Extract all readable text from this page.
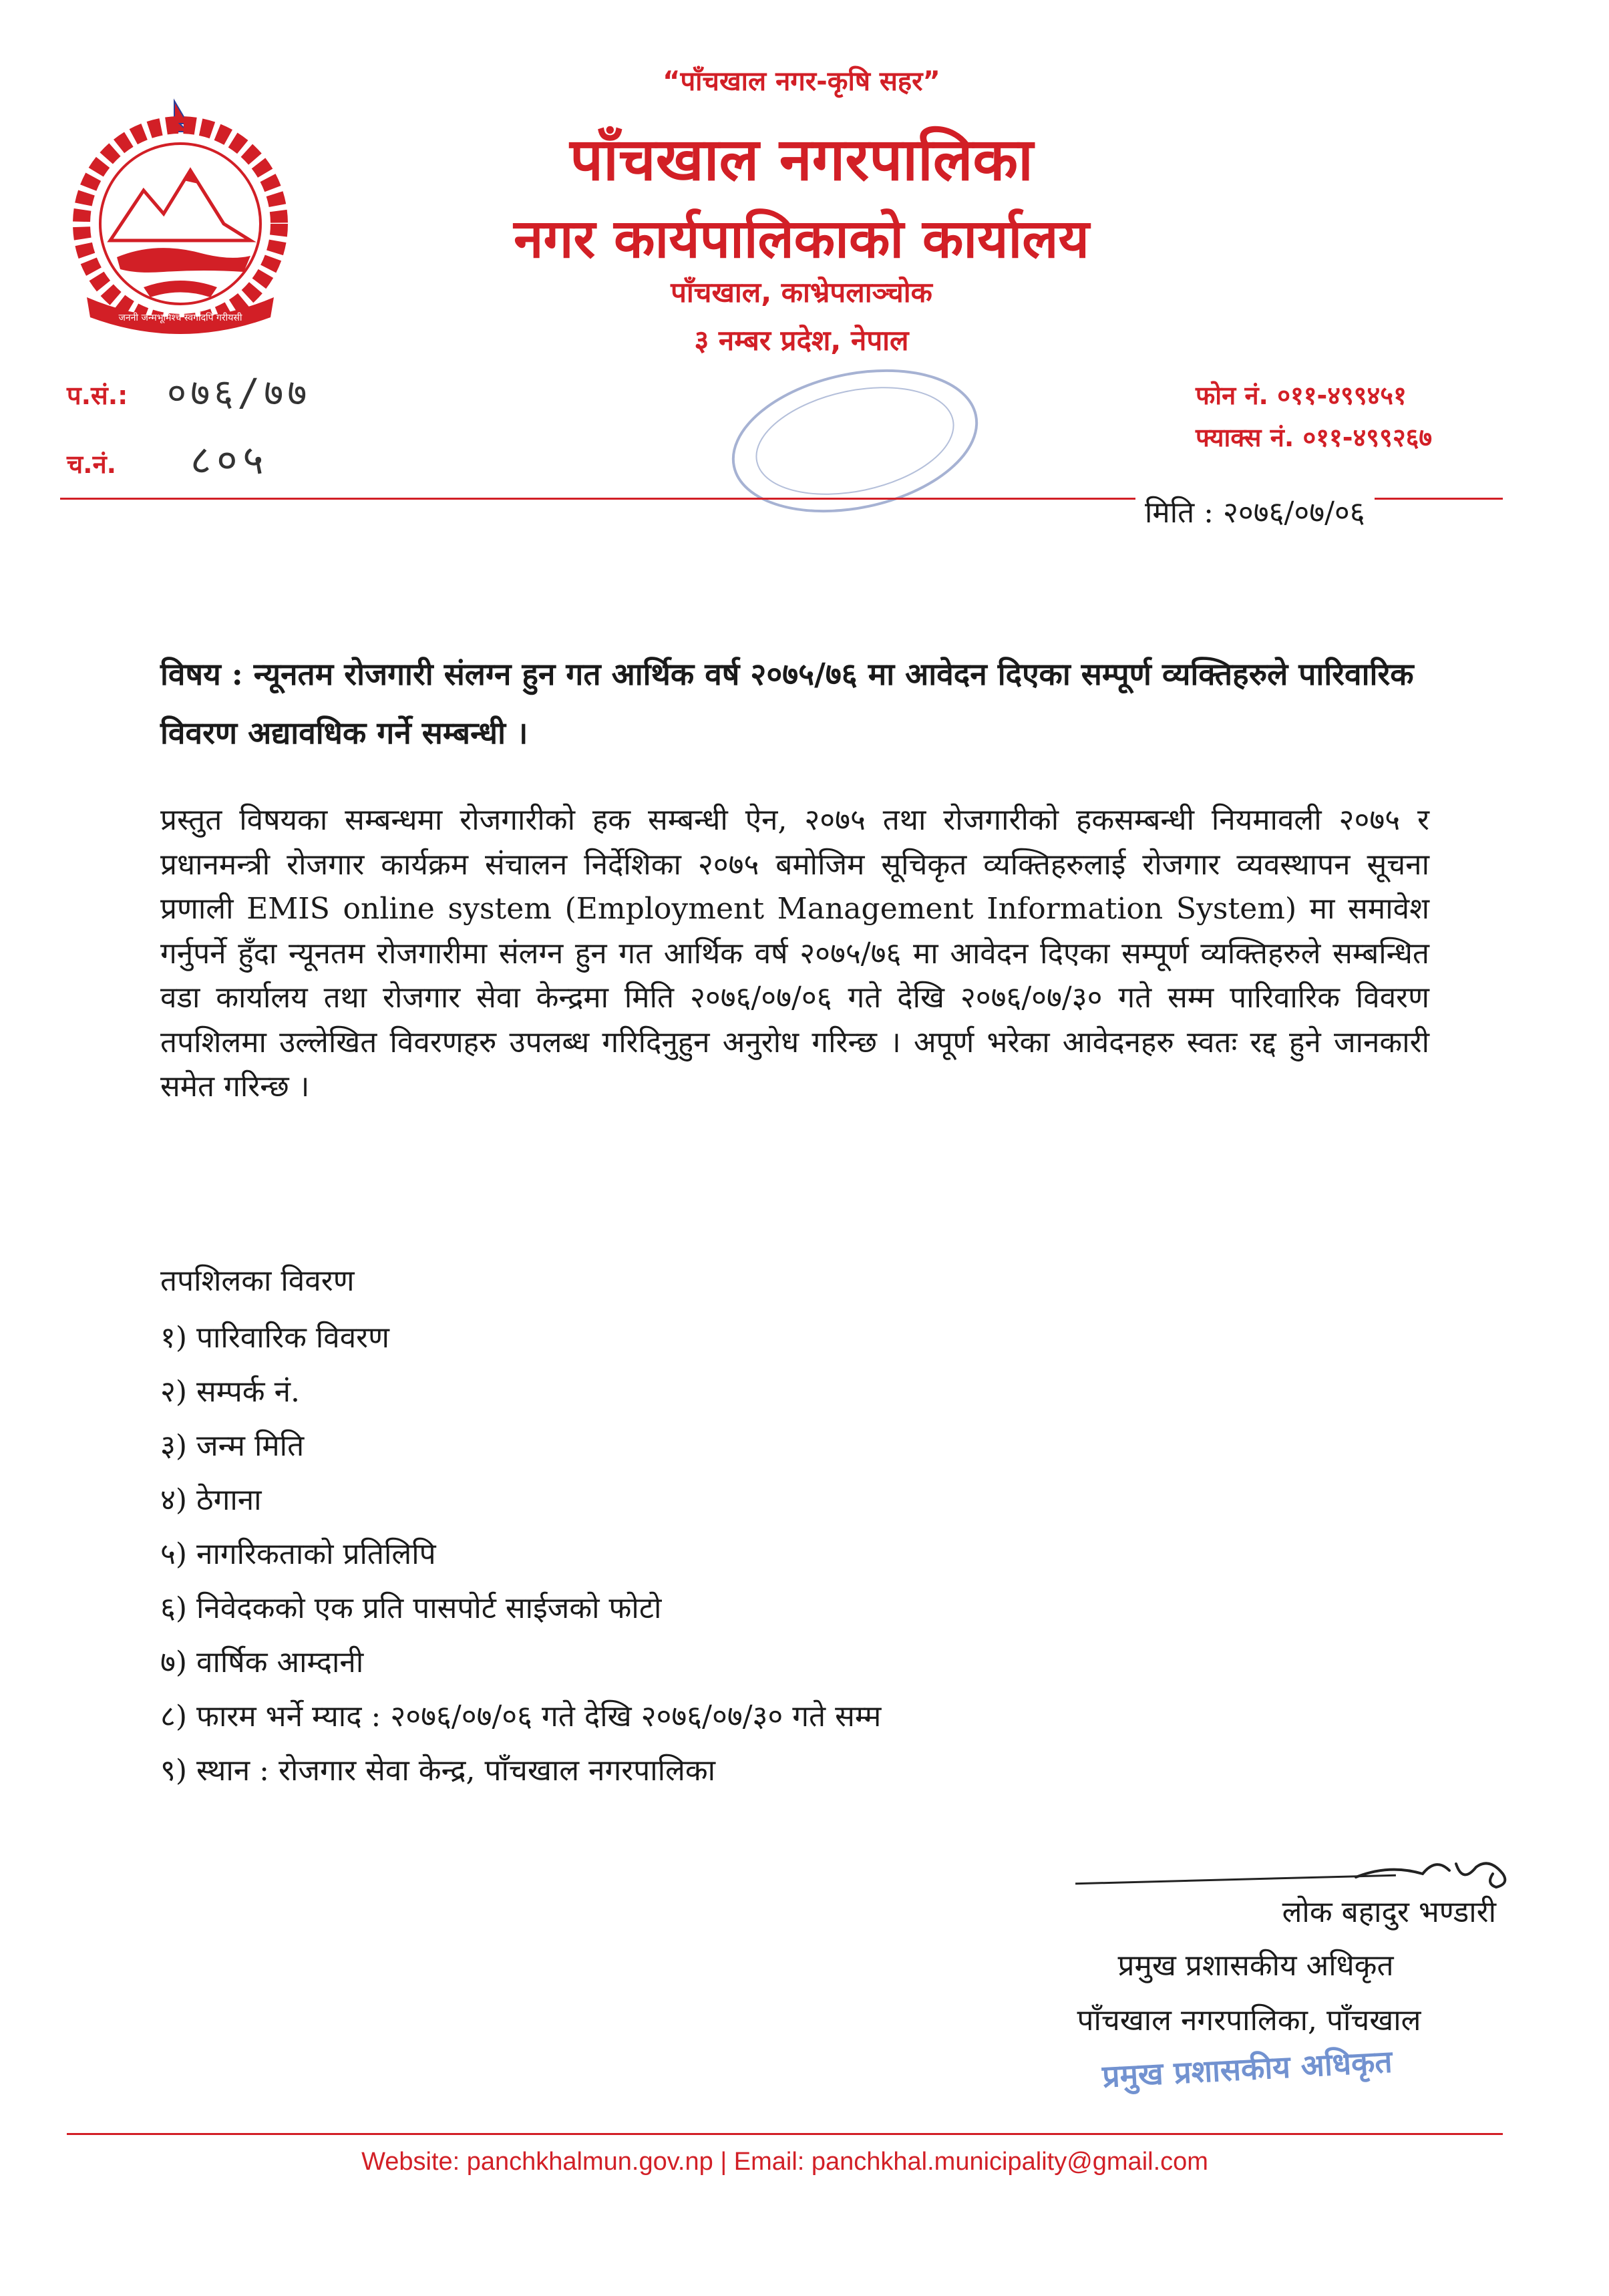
जननी जन्मभूमिश्च स्वर्गादपि गरीयसी
“पाँचखाल नगर-कृषि सहर”
पाँचखाल नगरपालिका
नगर कार्यपालिकाको कार्यालय
पाँचखाल, काभ्रेपलाञ्चोक
३ नम्बर प्रदेश, नेपाल
प.सं.: ०७६/७७
च.नं. ८०५
फोन नं. ०११-४९९४५१
फ्याक्स नं. ०११-४९९२६७
मिति : २०७६/०७/०६
विषय : न्यूनतम रोजगारी संलग्न हुन गत आर्थिक वर्ष २०७५/७६ मा आवेदन दिएका सम्पूर्ण व्यक्तिहरुले पारिवारिक विवरण अद्यावधिक गर्ने सम्बन्धी ।
प्रस्तुत विषयका सम्बन्धमा रोजगारीको हक सम्बन्धी ऐन, २०७५ तथा रोजगारीको हकसम्बन्धी नियमावली २०७५ र प्रधानमन्त्री रोजगार कार्यक्रम संचालन निर्देशिका २०७५ बमोजिम सूचिकृत व्यक्तिहरुलाई रोजगार व्यवस्थापन सूचना प्रणाली EMIS online system (Employment Management Information System) मा समावेश गर्नुपर्ने हुँदा न्यूनतम रोजगारीमा संलग्न हुन गत आर्थिक वर्ष २०७५/७६ मा आवेदन दिएका सम्पूर्ण व्यक्तिहरुले सम्बन्धित वडा कार्यालय तथा रोजगार सेवा केन्द्रमा मिति २०७६/०७/०६ गते देखि २०७६/०७/३० गते सम्म पारिवारिक विवरण तपशिलमा उल्लेखित विवरणहरु उपलब्ध गरिदिनुहुन अनुरोध गरिन्छ । अपूर्ण भरेका आवेदनहरु स्वतः रद्द हुने जानकारी समेत गरिन्छ ।
तपशिलका विवरण
१) पारिवारिक विवरण
२) सम्पर्क नं.
३) जन्म मिति
४) ठेगाना
५) नागरिकताको प्रतिलिपि
६) निवेदकको एक प्रति पासपोर्ट साईजको फोटो
७) वार्षिक आम्दानी
८) फारम भर्ने म्याद : २०७६/०७/०६ गते देखि २०७६/०७/३० गते सम्म
९) स्थान : रोजगार सेवा केन्द्र, पाँचखाल नगरपालिका
लोक बहादुर भण्डारी
प्रमुख प्रशासकीय अधिकृत
पाँचखाल नगरपालिका, पाँचखाल
प्रमुख प्रशासकीय अधिकृत
Website: panchkhalmun.gov.np | Email: panchkhal.municipality@gmail.com
